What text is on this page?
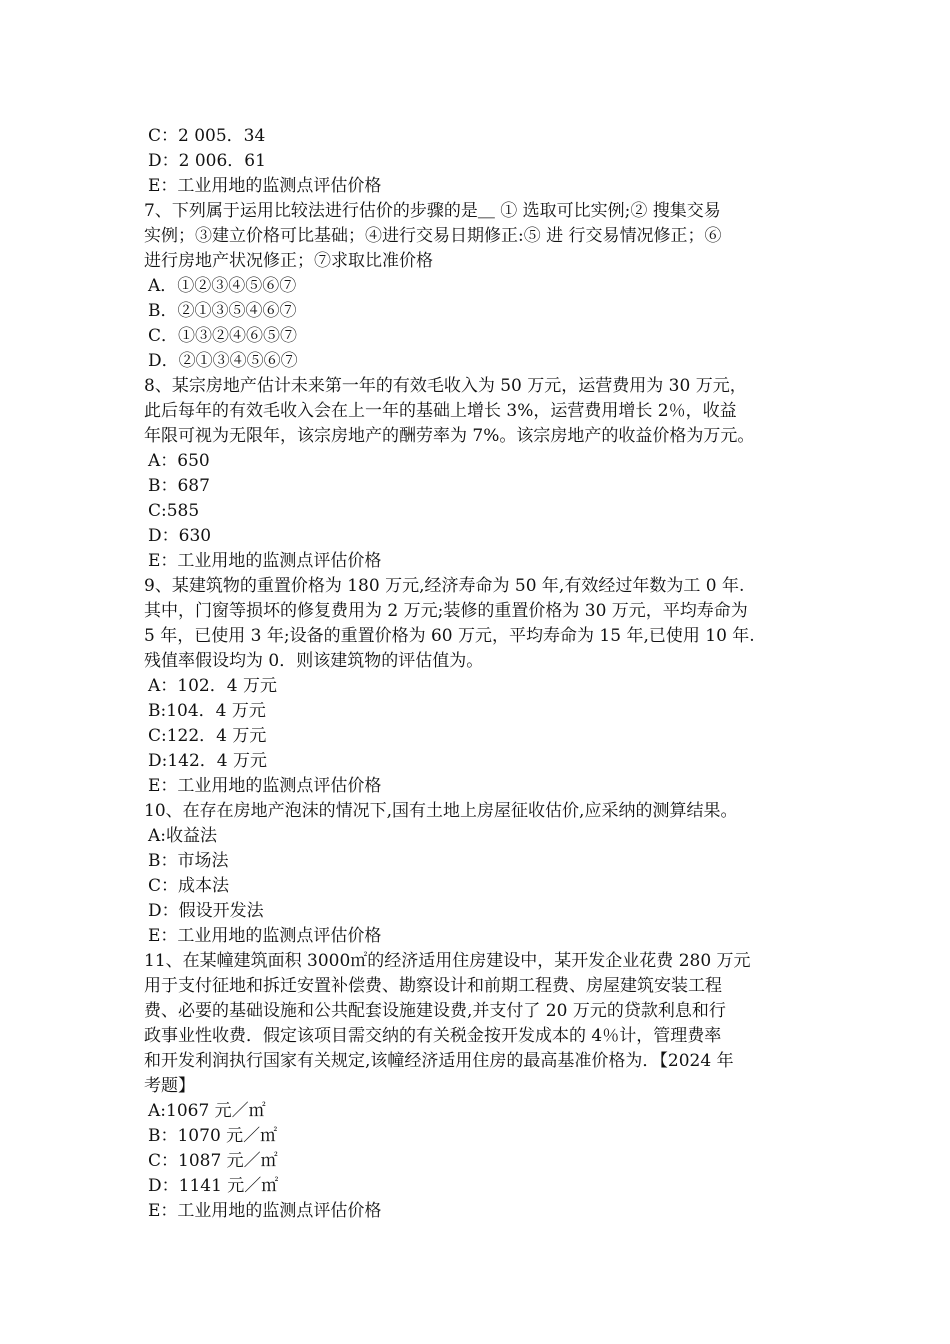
C：2 005．34
D：2 006．61
E：工业用地的监测点评估价格
7、下列属于运用比较法进行估价的步骤的是＿ ① 选取可比实例;② 搜集交易
实例；③建立价格可比基础；④进行交易日期修正:⑤ 进 行交易情况修正；⑥
进行房地产状况修正；⑦求取比准价格
A．①②③④⑤⑥⑦
B．②①③⑤④⑥⑦
C．①③②④⑥⑤⑦
D．②①③④⑤⑥⑦
8、某宗房地产估计未来第一年的有效毛收入为 50 万元，运营费用为 30 万元，
此后每年的有效毛收入会在上一年的基础上增长 3%，运营费用增长 2％，收益
年限可视为无限年，该宗房地产的酬劳率为 7%。该宗房地产的收益价格为万元。
A：650
B：687
C:585
D：630
E：工业用地的监测点评估价格
9、某建筑物的重置价格为 180 万元,经济寿命为 50 年,有效经过年数为工 0 年.
其中，门窗等损坏的修复费用为 2 万元;装修的重置价格为 30 万元，平均寿命为
5 年，已使用 3 年;设备的重置价格为 60 万元，平均寿命为 15 年,已使用 10 年.
残值率假设均为 0．则该建筑物的评估值为。
A：102．4 万元
B:104．4 万元
C:122．4 万元
D:142．4 万元
E：工业用地的监测点评估价格
10、在存在房地产泡沫的情况下,国有土地上房屋征收估价,应采纳的测算结果。
A:收益法
B：市场法
C：成本法
D：假设开发法
E：工业用地的监测点评估价格
11、在某幢建筑面积 3000㎡的经济适用住房建设中，某开发企业花费 280 万元
用于支付征地和拆迁安置补偿费、勘察设计和前期工程费、房屋建筑安装工程
费、必要的基础设施和公共配套设施建设费,并支付了 20 万元的贷款利息和行
政事业性收费．假定该项目需交纳的有关税金按开发成本的 4％计，管理费率
和开发利润执行国家有关规定,该幢经济适用住房的最高基准价格为．【2024 年
考题】
A:1067 元／㎡
B：1070 元／㎡
C：1087 元／㎡
D：1141 元／㎡
E：工业用地的监测点评估价格
